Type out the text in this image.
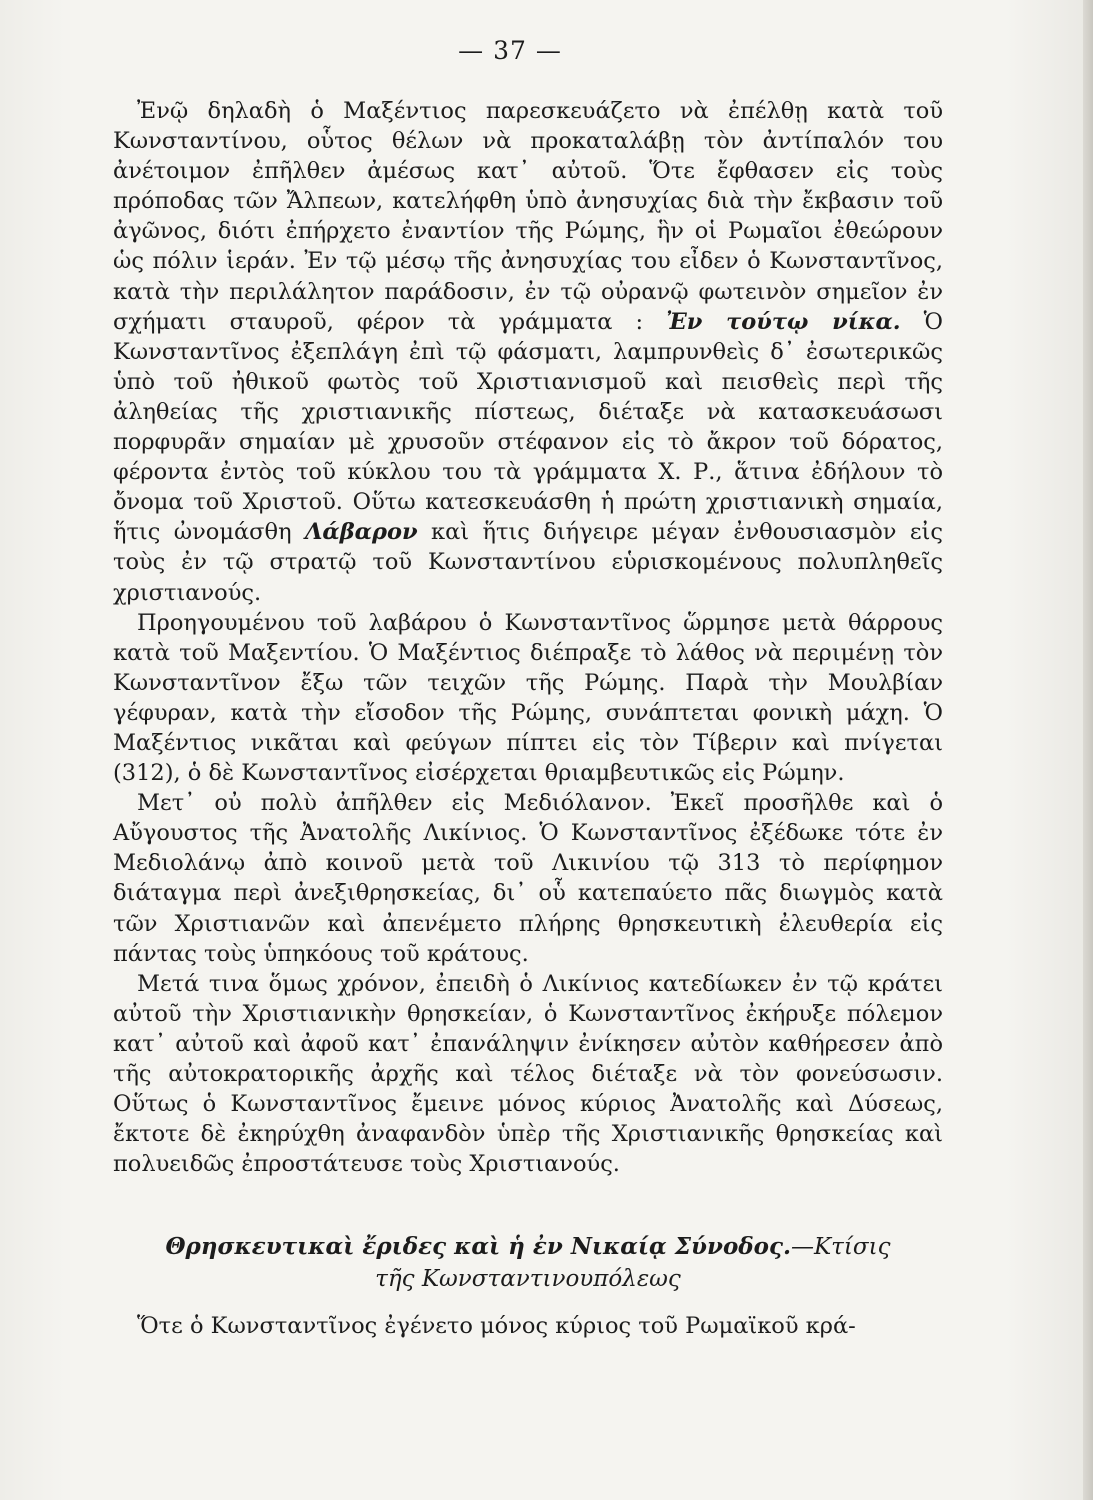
— 37 —

Ἐνῷ δηλαδὴ ὁ Μαξέντιος παρεσκευάζετο νὰ ἐπέλθῃ κατὰ τοῦ Κωνσταντίνου, οὗτος θέλων νὰ προκαταλάβῃ τὸν ἀντίπαλόν του ἀνέτοιμον ἐπῆλθεν ἀμέσως κατ᾽ αὐτοῦ. Ὅτε ἔφθασεν εἰς τοὺς πρόποδας τῶν Ἄλπεων, κατελήφθη ὑπὸ ἀνησυχίας διὰ τὴν ἔκβασιν τοῦ ἀγῶνος, διότι ἐπήρχετο ἐναντίον τῆς Ρώμης, ἣν οἱ Ρωμαῖοι ἐθεώρουν ὡς πόλιν ἱεράν. Ἐν τῷ μέσῳ τῆς ἀνησυχίας του εἶδεν ὁ Κωνσταντῖνος, κατὰ τὴν περιλάλητον παράδοσιν, ἐν τῷ οὐρανῷ φωτεινὸν σημεῖον ἐν σχήματι σταυροῦ, φέρον τὰ γράμματα : Ἐν τούτῳ νίκα. Ὁ Κωνσταντῖνος ἐξεπλάγη ἐπὶ τῷ φάσματι, λαμπρυνθεὶς δ᾽ ἐσωτερικῶς ὑπὸ τοῦ ἠθικοῦ φωτὸς τοῦ Χριστιανισμοῦ καὶ πεισθεὶς περὶ τῆς ἀληθείας τῆς χριστιανικῆς πίστεως, διέταξε νὰ κατασκευάσωσι πορφυρᾶν σημαίαν μὲ χρυσοῦν στέφανον εἰς τὸ ἄκρον τοῦ δόρατος, φέροντα ἐντὸς τοῦ κύκλου του τὰ γράμματα Χ. Ρ., ἅτινα ἐδήλουν τὸ ὄνομα τοῦ Χριστοῦ. Οὕτω κατεσκευάσθη ἡ πρώτη χριστιανικὴ σημαία, ἥτις ὠνομάσθη Λάβαρον καὶ ἥτις διήγειρε μέγαν ἐνθουσιασμὸν εἰς τοὺς ἐν τῷ στρατῷ τοῦ Κωνσταντίνου εὑρισκομένους πολυπληθεῖς χριστιανούς.

Προηγουμένου τοῦ λαβάρου ὁ Κωνσταντῖνος ὥρμησε μετὰ θάρρους κατὰ τοῦ Μαξεντίου. Ὁ Μαξέντιος διέπραξε τὸ λάθος νὰ περιμένῃ τὸν Κωνσταντῖνον ἔξω τῶν τειχῶν τῆς Ρώμης. Παρὰ τὴν Μουλβίαν γέφυραν, κατὰ τὴν εἴσοδον τῆς Ρώμης, συνάπτεται φονικὴ μάχη. Ὁ Μαξέντιος νικᾶται καὶ φεύγων πίπτει εἰς τὸν Τίβεριν καὶ πνίγεται (312), ὁ δὲ Κωνσταντῖνος εἰσέρχεται θριαμβευτικῶς εἰς Ρώμην.

Μετ᾽ οὐ πολὺ ἀπῆλθεν εἰς Μεδιόλανον. Ἐκεῖ προσῆλθε καὶ ὁ Αὔγουστος τῆς Ἀνατολῆς Λικίνιος. Ὁ Κωνσταντῖνος ἐξέδωκε τότε ἐν Μεδιολάνῳ ἀπὸ κοινοῦ μετὰ τοῦ Λικινίου τῷ 313 τὸ περίφημον διάταγμα περὶ ἀνεξιθρησκείας, δι᾽ οὗ κατεπαύετο πᾶς διωγμὸς κατὰ τῶν Χριστιανῶν καὶ ἀπενέμετο πλήρης θρησκευτικὴ ἐλευθερία εἰς πάντας τοὺς ὑπηκόους τοῦ κράτους.

Μετά τινα ὅμως χρόνον, ἐπειδὴ ὁ Λικίνιος κατεδίωκεν ἐν τῷ κράτει αὐτοῦ τὴν Χριστιανικὴν θρησκείαν, ὁ Κωνσταντῖνος ἐκήρυξε πόλεμον κατ᾽ αὐτοῦ καὶ ἀφοῦ κατ᾽ ἐπανάληψιν ἐνίκησεν αὐτὸν καθήρεσεν ἀπὸ τῆς αὐτοκρατορικῆς ἀρχῆς καὶ τέλος διέταξε νὰ τὸν φονεύσωσιν. Οὕτως ὁ Κωνσταντῖνος ἔμεινε μόνος κύριος Ἀνατολῆς καὶ Δύσεως, ἔκτοτε δὲ ἐκηρύχθη ἀναφανδὸν ὑπὲρ τῆς Χριστιανικῆς θρησκείας καὶ πολυειδῶς ἐπροστάτευσε τοὺς Χριστιανούς.

Θρησκευτικαὶ ἔριδες καὶ ἡ ἐν Νικαίᾳ Σύνοδος.—Κτίσις
τῆς Κωνσταντινουπόλεως

Ὅτε ὁ Κωνσταντῖνος ἐγένετο μόνος κύριος τοῦ Ρωμαϊκοῦ κρά-
